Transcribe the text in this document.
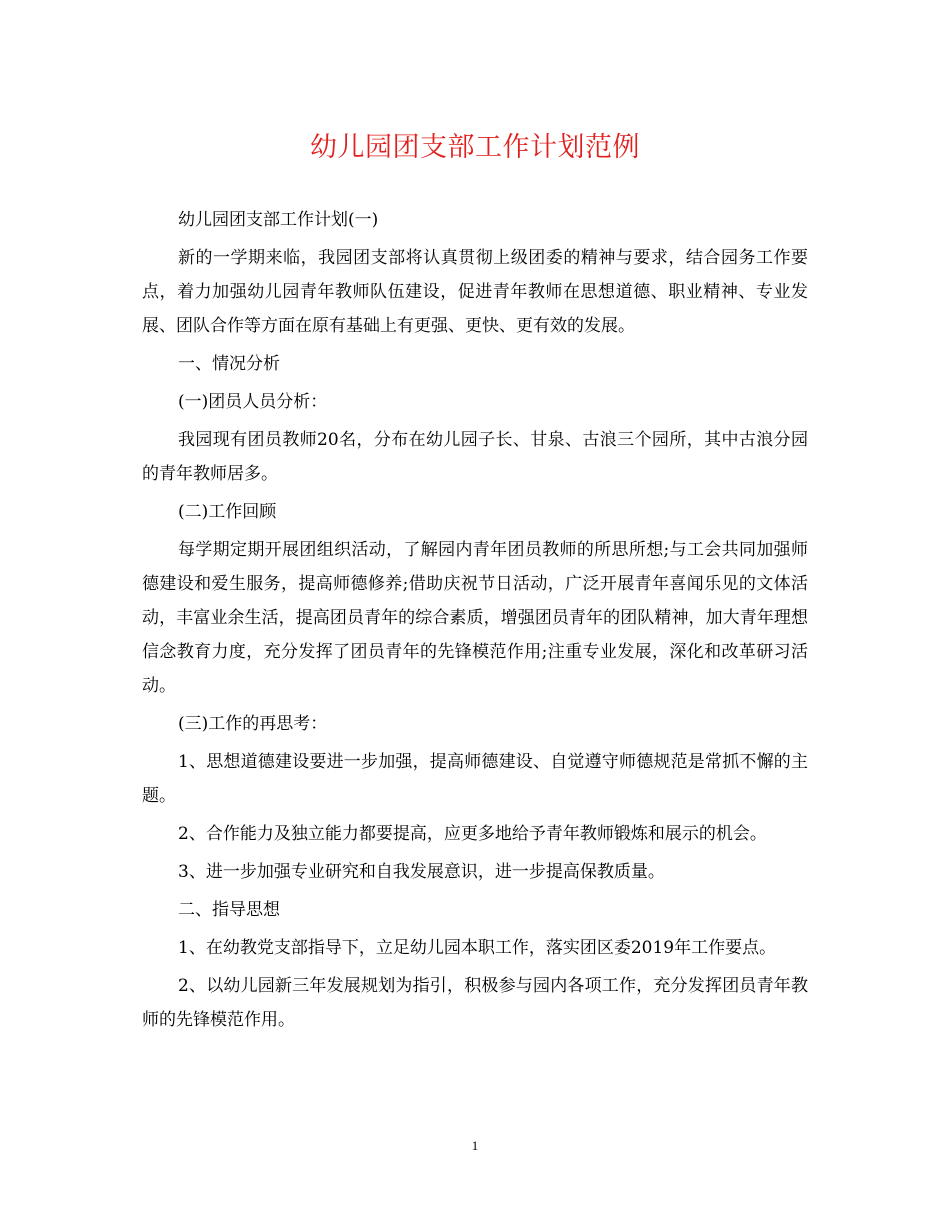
幼儿园团支部工作计划范例

幼儿园团支部工作计划(一)

新的一学期来临，我园团支部将认真贯彻上级团委的精神与要求，结合园务工作要点，着力加强幼儿园青年教师队伍建设，促进青年教师在思想道德、职业精神、专业发展、团队合作等方面在原有基础上有更强、更快、更有效的发展。

一、情况分析

(一)团员人员分析：

我园现有团员教师20名，分布在幼儿园子长、甘泉、古浪三个园所，其中古浪分园的青年教师居多。

(二)工作回顾

每学期定期开展团组织活动，了解园内青年团员教师的所思所想;与工会共同加强师德建设和爱生服务，提高师德修养;借助庆祝节日活动，广泛开展青年喜闻乐见的文体活动，丰富业余生活，提高团员青年的综合素质，增强团员青年的团队精神，加大青年理想信念教育力度，充分发挥了团员青年的先锋模范作用;注重专业发展，深化和改革研习活动。

(三)工作的再思考：

1、思想道德建设要进一步加强，提高师德建设、自觉遵守师德规范是常抓不懈的主题。

2、合作能力及独立能力都要提高，应更多地给予青年教师锻炼和展示的机会。

3、进一步加强专业研究和自我发展意识，进一步提高保教质量。

二、指导思想

1、在幼教党支部指导下，立足幼儿园本职工作，落实团区委2019年工作要点。

2、以幼儿园新三年发展规划为指引，积极参与园内各项工作，充分发挥团员青年教师的先锋模范作用。

1
